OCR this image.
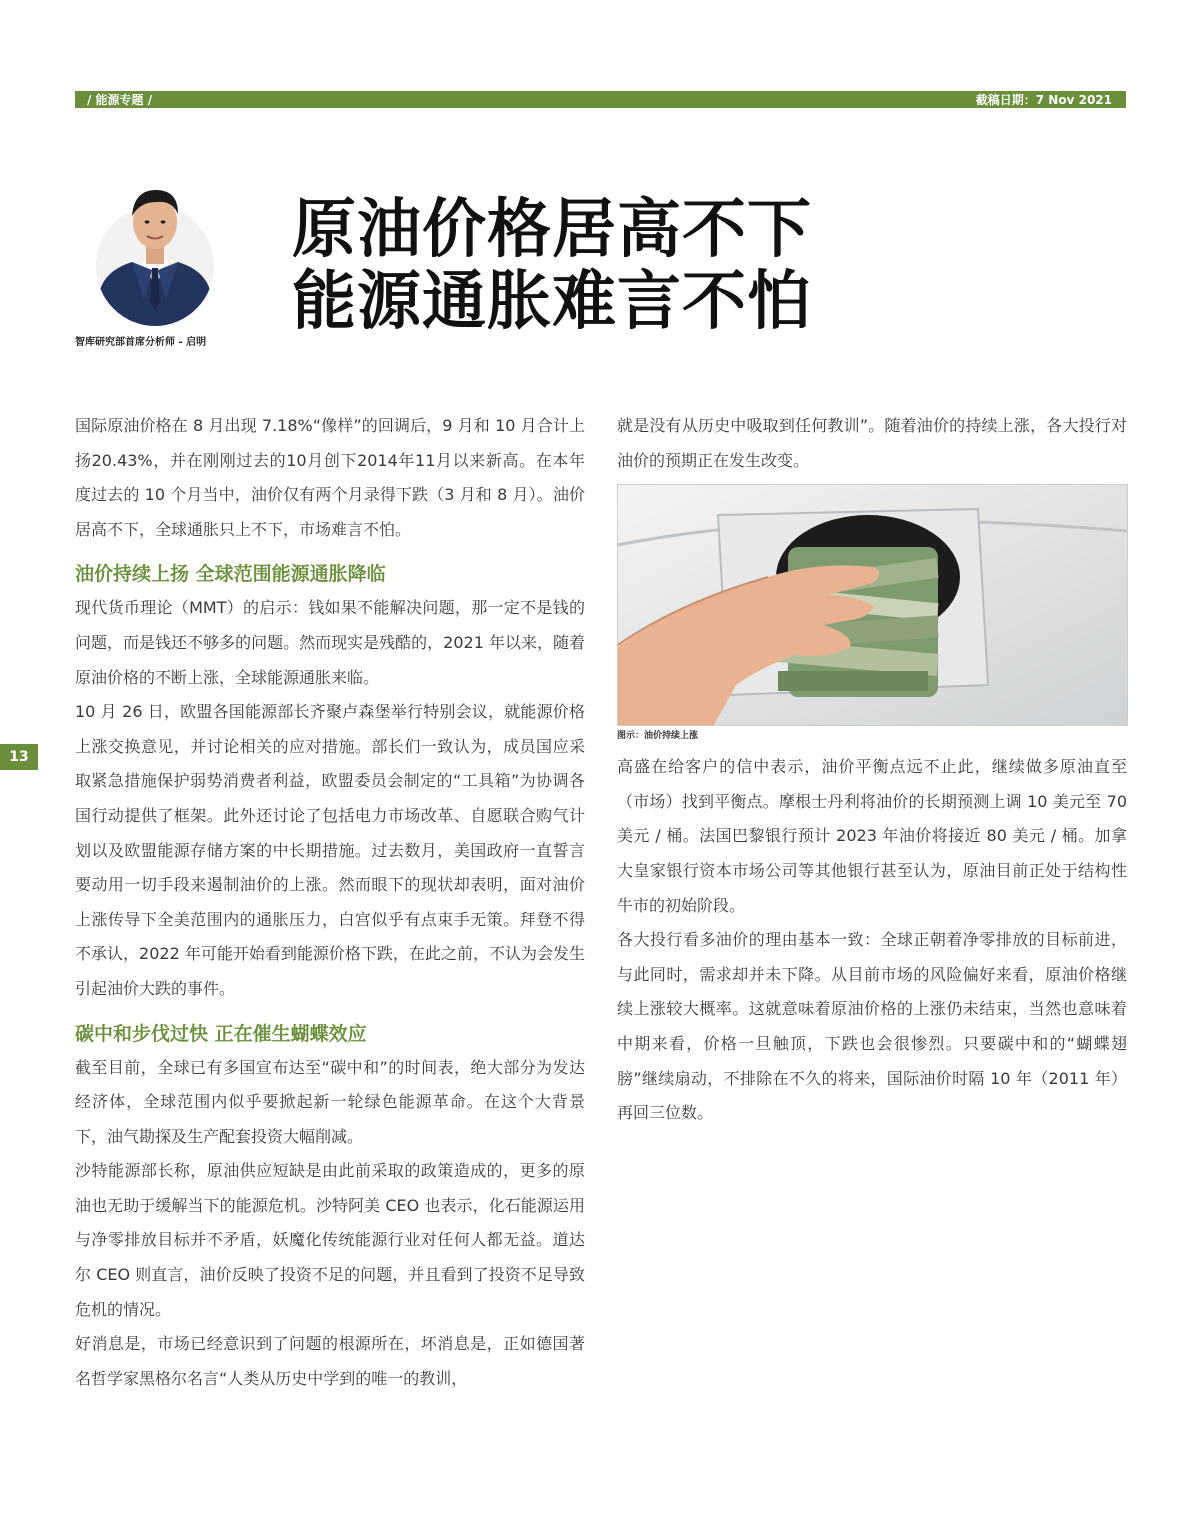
/ 能源专题 /	截稿日期：7 Nov 2021
13
智库研究部首席分析师 - 启明
原油价格居高不下
能源通胀难言不怕

国际原油价格在 8 月出现 7.18%“像样”的回调后，9 月和 10 月合计上扬20.43%，并在刚刚过去的10月创下2014年11月以来新高。在本年度过去的 10 个月当中，油价仅有两个月录得下跌（3 月和 8 月）。油价居高不下，全球通胀只上不下，市场难言不怕。

油价持续上扬 全球范围能源通胀降临

现代货币理论（MMT）的启示：钱如果不能解决问题，那一定不是钱的问题，而是钱还不够多的问题。然而现实是残酷的，2021 年以来，随着原油价格的不断上涨，全球能源通胀来临。

10 月 26 日，欧盟各国能源部长齐聚卢森堡举行特别会议，就能源价格上涨交换意见，并讨论相关的应对措施。部长们一致认为，成员国应采取紧急措施保护弱势消费者利益，欧盟委员会制定的“工具箱”为协调各国行动提供了框架。此外还讨论了包括电力市场改革、自愿联合购气计划以及欧盟能源存储方案的中长期措施。过去数月，美国政府一直誓言要动用一切手段来遏制油价的上涨。然而眼下的现状却表明，面对油价上涨传导下全美范围内的通胀压力，白宫似乎有点束手无策。拜登不得不承认，2022 年可能开始看到能源价格下跌，在此之前，不认为会发生引起油价大跌的事件。

碳中和步伐过快 正在催生蝴蝶效应

截至目前，全球已有多国宣布达至“碳中和”的时间表，绝大部分为发达经济体，全球范围内似乎要掀起新一轮绿色能源革命。在这个大背景下，油气勘探及生产配套投资大幅削减。

沙特能源部长称，原油供应短缺是由此前采取的政策造成的，更多的原油也无助于缓解当下的能源危机。沙特阿美 CEO 也表示，化石能源运用与净零排放目标并不矛盾，妖魔化传统能源行业对任何人都无益。道达尔 CEO 则直言，油价反映了投资不足的问题，并且看到了投资不足导致危机的情况。

好消息是，市场已经意识到了问题的根源所在，坏消息是，正如德国著名哲学家黑格尔名言“人类从历史中学到的唯一的教训，

就是没有从历史中吸取到任何教训”。随着油价的持续上涨，各大投行对油价的预期正在发生改变。

图示：油价持续上涨

高盛在给客户的信中表示，油价平衡点远不止此，继续做多原油直至（市场）找到平衡点。摩根士丹利将油价的长期预测上调 10 美元至 70 美元 / 桶。法国巴黎银行预计 2023 年油价将接近 80 美元 / 桶。加拿大皇家银行资本市场公司等其他银行甚至认为，原油目前正处于结构性牛市的初始阶段。

各大投行看多油价的理由基本一致：全球正朝着净零排放的目标前进，与此同时，需求却并未下降。从目前市场的风险偏好来看，原油价格继续上涨较大概率。这就意味着原油价格的上涨仍未结束，当然也意味着中期来看，价格一旦触顶，下跌也会很惨烈。只要碳中和的“蝴蝶翅膀”继续扇动，不排除在不久的将来，国际油价时隔 10 年（2011 年）再回三位数。
